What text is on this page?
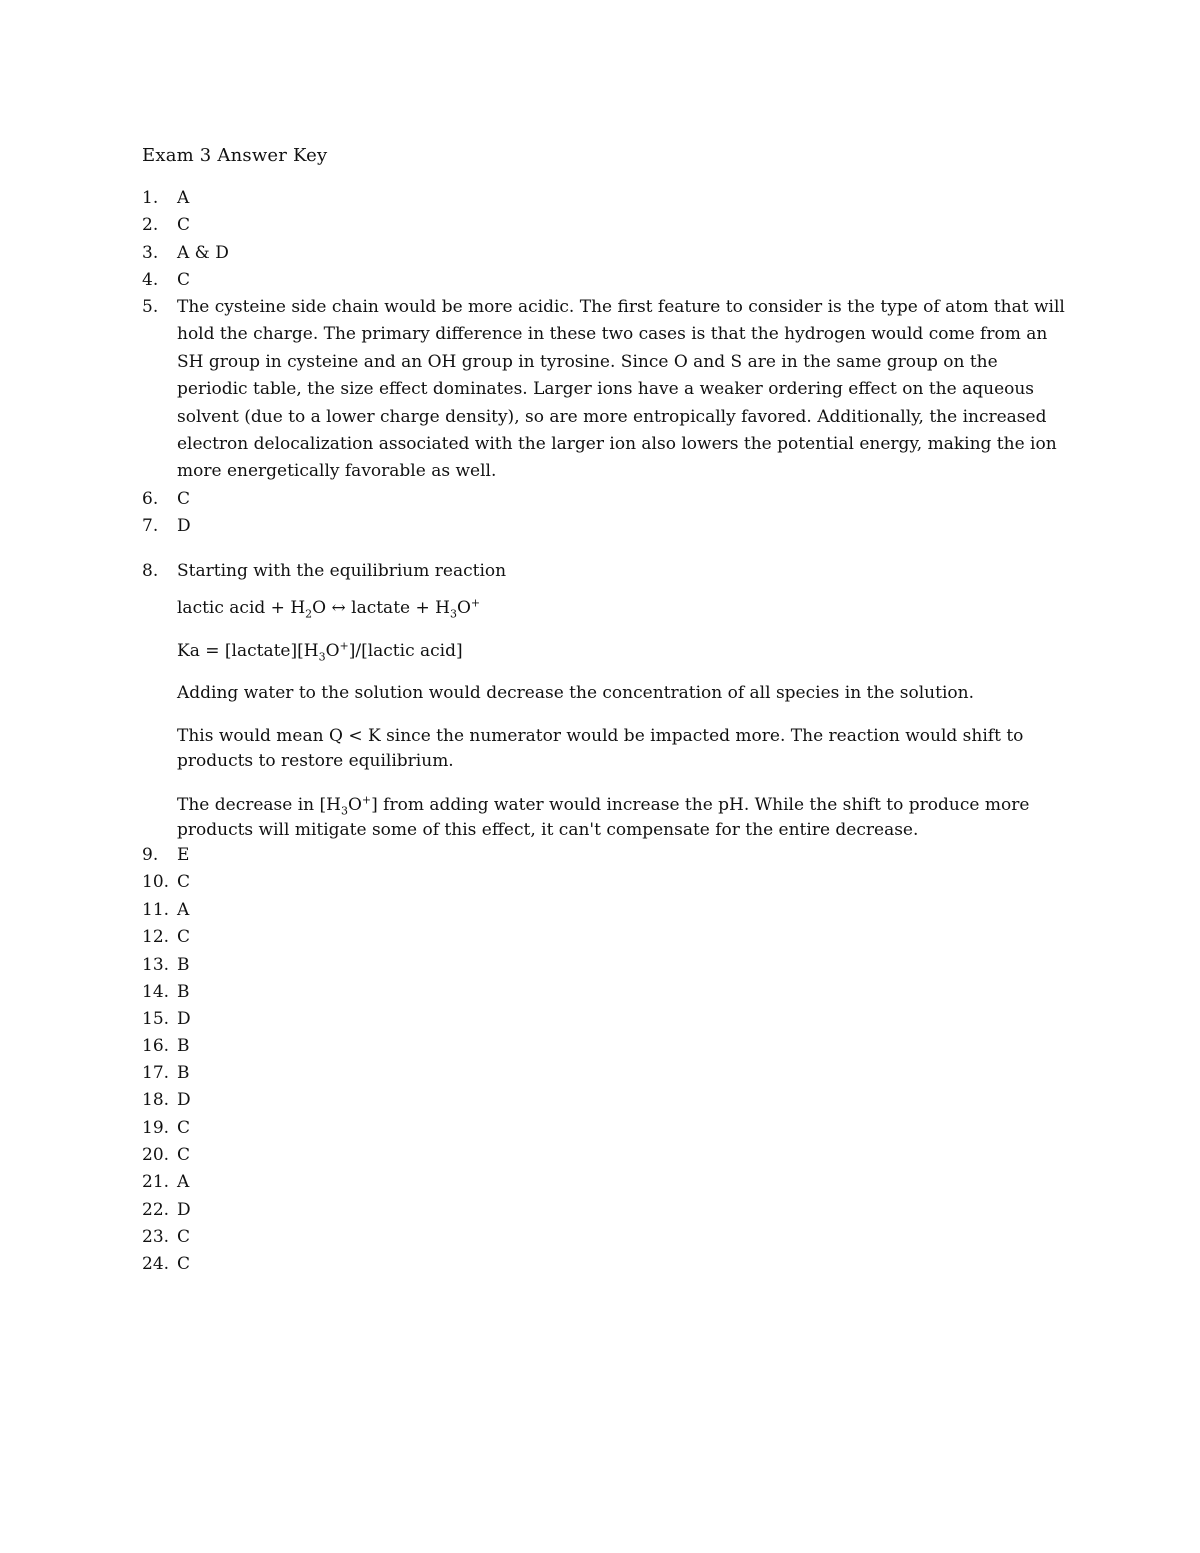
Exam 3 Answer Key
1.	A
2.	C
3.	A & D
4.	C
5.	The cysteine side chain would be more acidic. The first feature to consider is the type of atom that will hold the charge. The primary difference in these two cases is that the hydrogen would come from an SH group in cysteine and an OH group in tyrosine. Since O and S are in the same group on the periodic table, the size effect dominates. Larger ions have a weaker ordering effect on the aqueous solvent (due to a lower charge density), so are more entropically favored. Additionally, the increased electron delocalization associated with the larger ion also lowers the potential energy, making the ion more energetically favorable as well.
6.	C
7.	D
8.	Starting with the equilibrium reaction
lactic acid + $H_2O$ ↔ lactate + $H_3O^+$
$Ka = [lactate][H_3O^+]/[lactic$ acid]
Adding water to the solution would decrease the concentration of all species in the solution.
This would mean Q < K since the numerator would be impacted more. The reaction would shift to products to restore equilibrium.
The decrease in $[H_3O^+]$ from adding water would increase the pH. While the shift to produce more products will mitigate some of this effect, it can't compensate for the entire decrease.
9.	E
10. C
11. A
12. C
13. B
14. B
15. D
16. B
17. B
18. D
19. C
20. C
21. A
22. D
23. C
24. C
